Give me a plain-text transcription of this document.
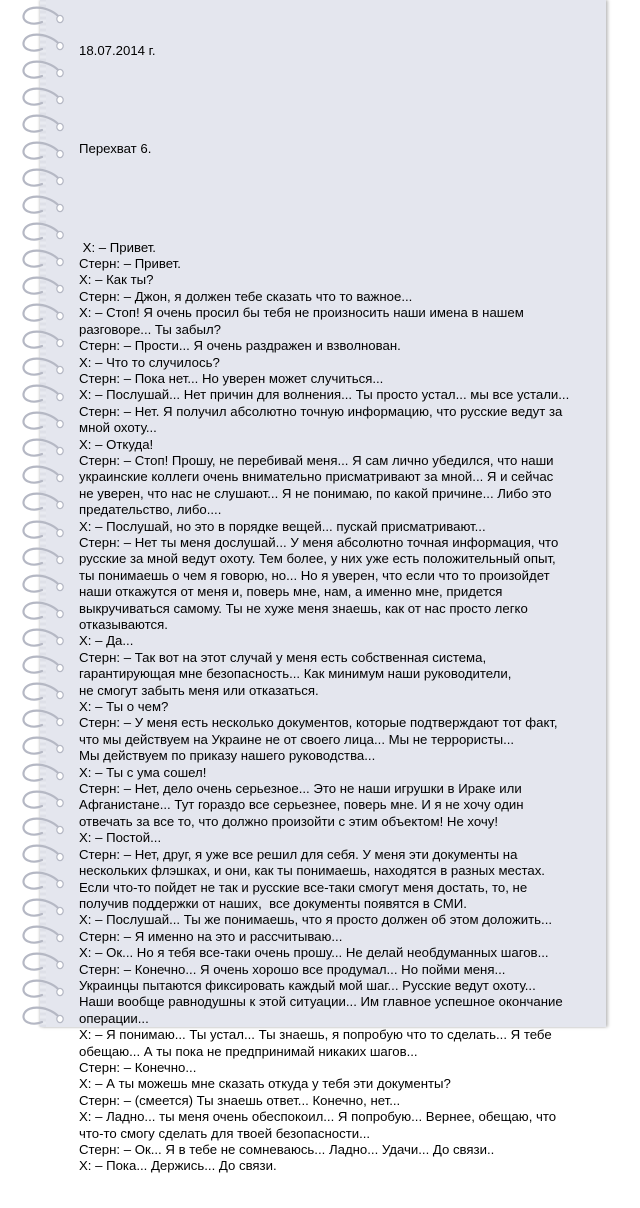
18.07.2014 г.

Перехват 6.

Х: – Привет.

Стерн: – Привет.

Х: – Как ты?

Стерн: – Джон, я должен тебе сказать что то важное...

Х: – Стоп! Я очень просил бы тебя не произносить наши имена в нашем

разговоре... Ты забыл?

Стерн: – Прости... Я очень раздражен и взволнован.

Х: – Что то случилось?

Стерн: – Пока нет... Но уверен может случиться...

Х: – Послушай... Нет причин для волнения... Ты просто устал... мы все устали...

Стерн: – Нет. Я получил абсолютно точную информацию, что русские ведут за

мной охоту...

Х: – Откуда!

Стерн: – Стоп! Прошу, не перебивай меня... Я сам лично убедился, что наши

украинские коллеги очень внимательно присматривают за мной... Я и сейчас

не уверен, что нас не слушают... Я не понимаю, по какой причине... Либо это

предательство, либо....

Х: – Послушай, но это в порядке вещей... пускай присматривают...

Стерн: – Нет ты меня дослушай... У меня абсолютно точная информация, что

русские за мной ведут охоту. Тем более, у них уже есть положительный опыт,

ты понимаешь о чем я говорю, но... Но я уверен, что если что то произойдет

наши откажутся от меня и, поверь мне, нам, а именно мне, придется

выкручиваться самому. Ты не хуже меня знаешь, как от нас просто легко

отказываются.

Х: – Да...

Стерн: – Так вот на этот случай у меня есть собственная система,

гарантирующая мне безопасность... Как минимум наши руководители,

не смогут забыть меня или отказаться.

Х: – Ты о чем?

Стерн: – У меня есть несколько документов, которые подтверждают тот факт,

что мы действуем на Украине не от своего лица... Мы не террористы...

Мы действуем по приказу нашего руководства...

Х: – Ты с ума сошел!

Стерн: – Нет, дело очень серьезное... Это не наши игрушки в Ираке или

Афганистане... Тут гораздо все серьезнее, поверь мне. И я не хочу один

отвечать за все то, что должно произойти с этим объектом! Не хочу!

Х: – Постой...

Стерн: – Нет, друг, я уже все решил для себя. У меня эти документы на

нескольких флэшках, и они, как ты понимаешь, находятся в разных местах.

Если что-то пойдет не так и русские все-таки смогут меня достать, то, не

получив поддержки от наших,  все документы появятся в СМИ.

Х: – Послушай... Ты же понимаешь, что я просто должен об этом доложить...

Стерн: – Я именно на это и рассчитываю...

Х: – Ок... Но я тебя все-таки очень прошу... Не делай необдуманных шагов...

Стерн: – Конечно... Я очень хорошо все продумал... Но пойми меня...

Украинцы пытаются фиксировать каждый мой шаг... Русские ведут охоту...

Наши вообще равнодушны к этой ситуации... Им главное успешное окончание

операции...

Х: – Я понимаю... Ты устал... Ты знаешь, я попробую что то сделать... Я тебе

обещаю... А ты пока не предпринимай никаких шагов...

Стерн: – Конечно...

Х: – А ты можешь мне сказать откуда у тебя эти документы?

Стерн: – (смеется) Ты знаешь ответ... Конечно, нет...

Х: – Ладно... ты меня очень обеспокоил... Я попробую... Вернее, обещаю, что

что-то смогу сделать для твоей безопасности...

Стерн: – Ок... Я в тебе не сомневаюсь... Ладно... Удачи... До связи..

Х: – Пока... Держись... До связи.
